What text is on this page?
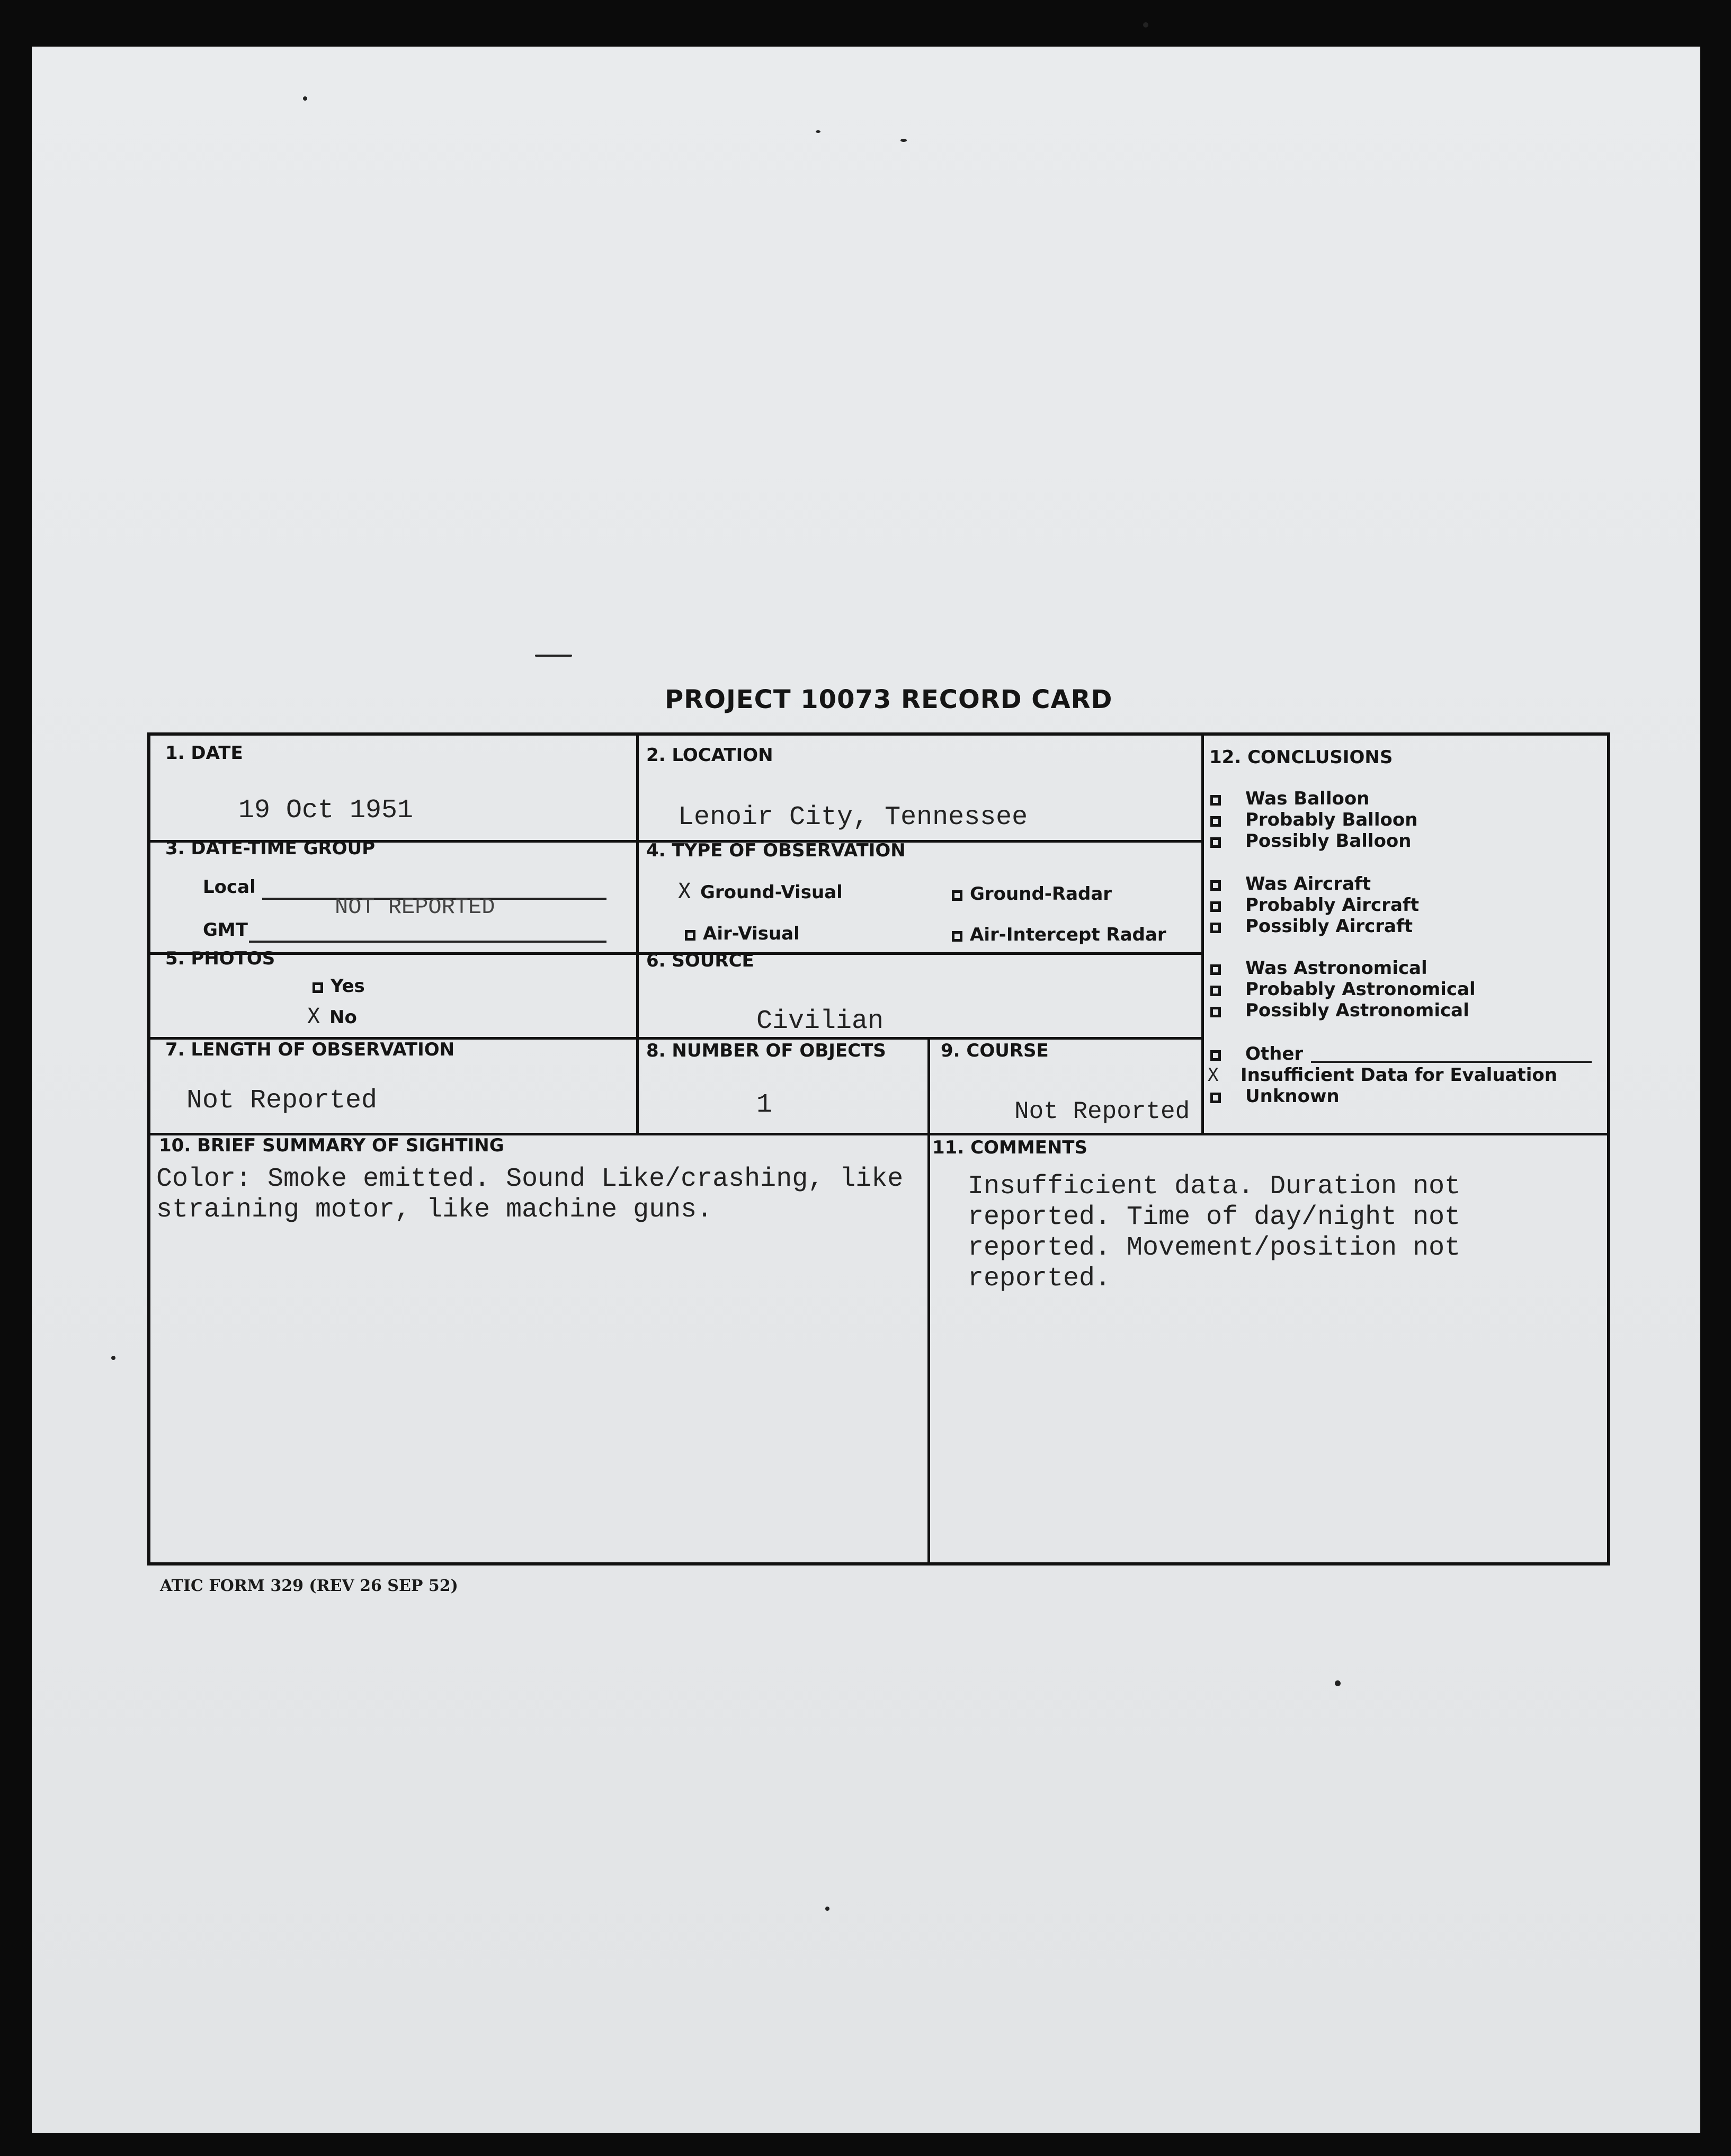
PROJECT 10073 RECORD CARD
1. DATE
19 Oct 1951
2. LOCATION
Lenoir City, Tennessee
3. DATE-TIME GROUP
Local
NOT REPORTED
GMT
4. TYPE OF OBSERVATION
X Ground-Visual	Ground-Radar
Air-Visual	Air-Intercept Radar
5. PHOTOS
Yes
X No
6. SOURCE
Civilian
7. LENGTH OF OBSERVATION
Not Reported
8. NUMBER OF OBJECTS
1
9. COURSE
Not Reported
10. BRIEF SUMMARY OF SIGHTING
Color: Smoke emitted. Sound Like/crashing, like
straining motor, like machine guns.
11. COMMENTS
Insufficient data. Duration not
reported. Time of day/night not
reported. Movement/position not
reported.
12. CONCLUSIONS
Was Balloon
Probably Balloon
Possibly Balloon
Was Aircraft
Probably Aircraft
Possibly Aircraft
Was Astronomical
Probably Astronomical
Possibly Astronomical
Other
X Insufficient Data for Evaluation
Unknown
ATIC FORM 329 (REV 26 SEP 52)
